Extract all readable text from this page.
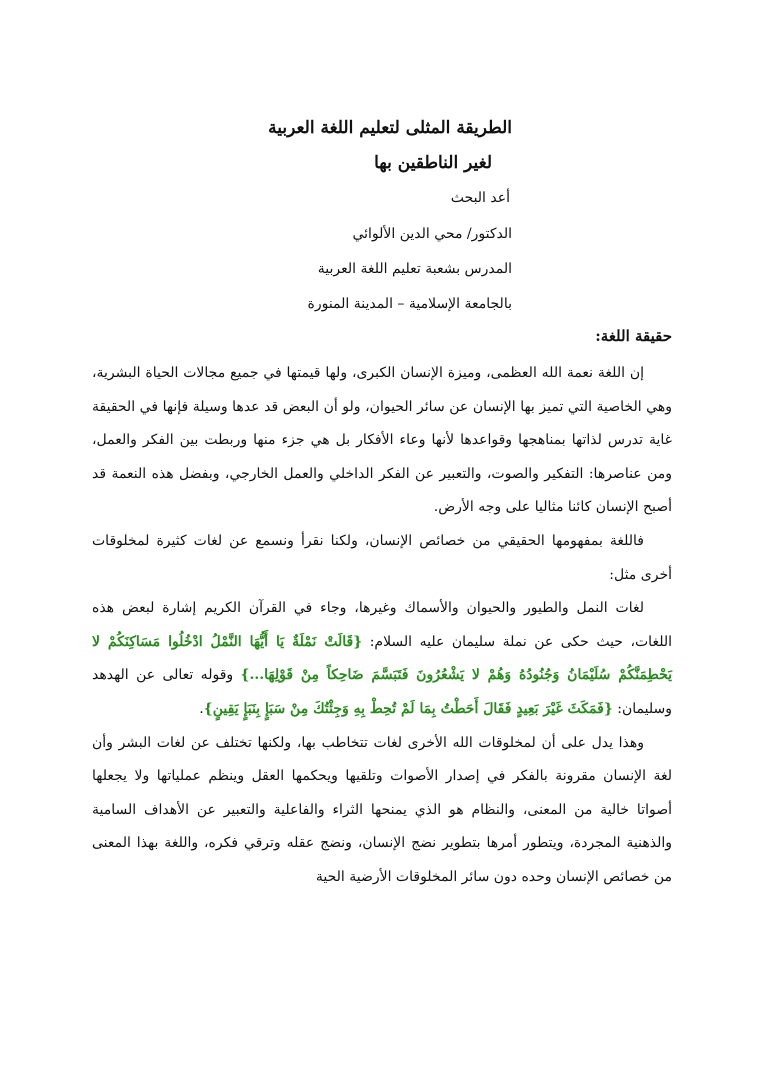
الطريقة المثلى لتعليم اللغة العربية
لغير الناطقين بها
أعد البحث
الدكتور/ محي الدين الألوائي
المدرس بشعبة تعليم اللغة العربية
بالجامعة الإسلامية – المدينة المنورة
حقيقة اللغة:

إن اللغة نعمة الله العظمى، وميزة الإنسان الكبرى، ولها قيمتها في جميع مجالات الحياة البشرية، وهي الخاصية التي تميز بها الإنسان عن سائر الحيوان، ولو أن البعض قد عدها وسيلة فإنها في الحقيقة غاية تدرس لذاتها بمناهجها وقواعدها لأنها وعاء الأفكار بل هي جزء منها وربطت بين الفكر والعمل، ومن عناصرها: التفكير والصوت، والتعبير عن الفكر الداخلي والعمل الخارجي، وبفضل هذه النعمة قد أصبح الإنسان كائنا مثاليا على وجه الأرض.

فاللغة بمفهومها الحقيقي من خصائص الإنسان، ولكنا نقرأ ونسمع عن لغات كثيرة لمخلوقات أخرى مثل:

لغات النمل والطيور والحيوان والأسماك وغيرها، وجاء في القرآن الكريم إشارة لبعض هذه اللغات، حيث حكى عن نملة سليمان عليه السلام: {قَالَتْ نَمْلَةٌ يَا أَيُّهَا النَّمْلُ ادْخُلُوا مَسَاكِنَكُمْ لا يَحْطِمَنَّكُمْ سُلَيْمَانُ وَجُنُودُهُ وَهُمْ لا يَشْعُرُونَ فَتَبَسَّمَ ضَاحِكاً مِنْ قَوْلِهَا...} وقوله تعالى عن الهدهد وسليمان: {فَمَكَثَ غَيْرَ بَعِيدٍ فَقَالَ أَحَطْتُ بِمَا لَمْ تُحِطْ بِهِ وَجِئْتُكَ مِنْ سَبَإٍ بِنَبَإٍ يَقِينٍ}.

وهذا يدل على أن لمخلوقات الله الأخرى لغات تتخاطب بها، ولكنها تختلف عن لغات البشر وأن لغة الإنسان مقرونة بالفكر في إصدار الأصوات وتلقيها ويحكمها العقل وينظم عملياتها ولا يجعلها أصواتا خالية من المعنى، والنظام هو الذي يمنحها الثراء والفاعلية والتعبير عن الأهداف السامية والذهنية المجردة، ويتطور أمرها بتطوير نضج الإنسان، ونضج عقله وترقي فكره، واللغة بهذا المعنى من خصائص الإنسان وحده دون سائر المخلوقات الأرضية الحية
